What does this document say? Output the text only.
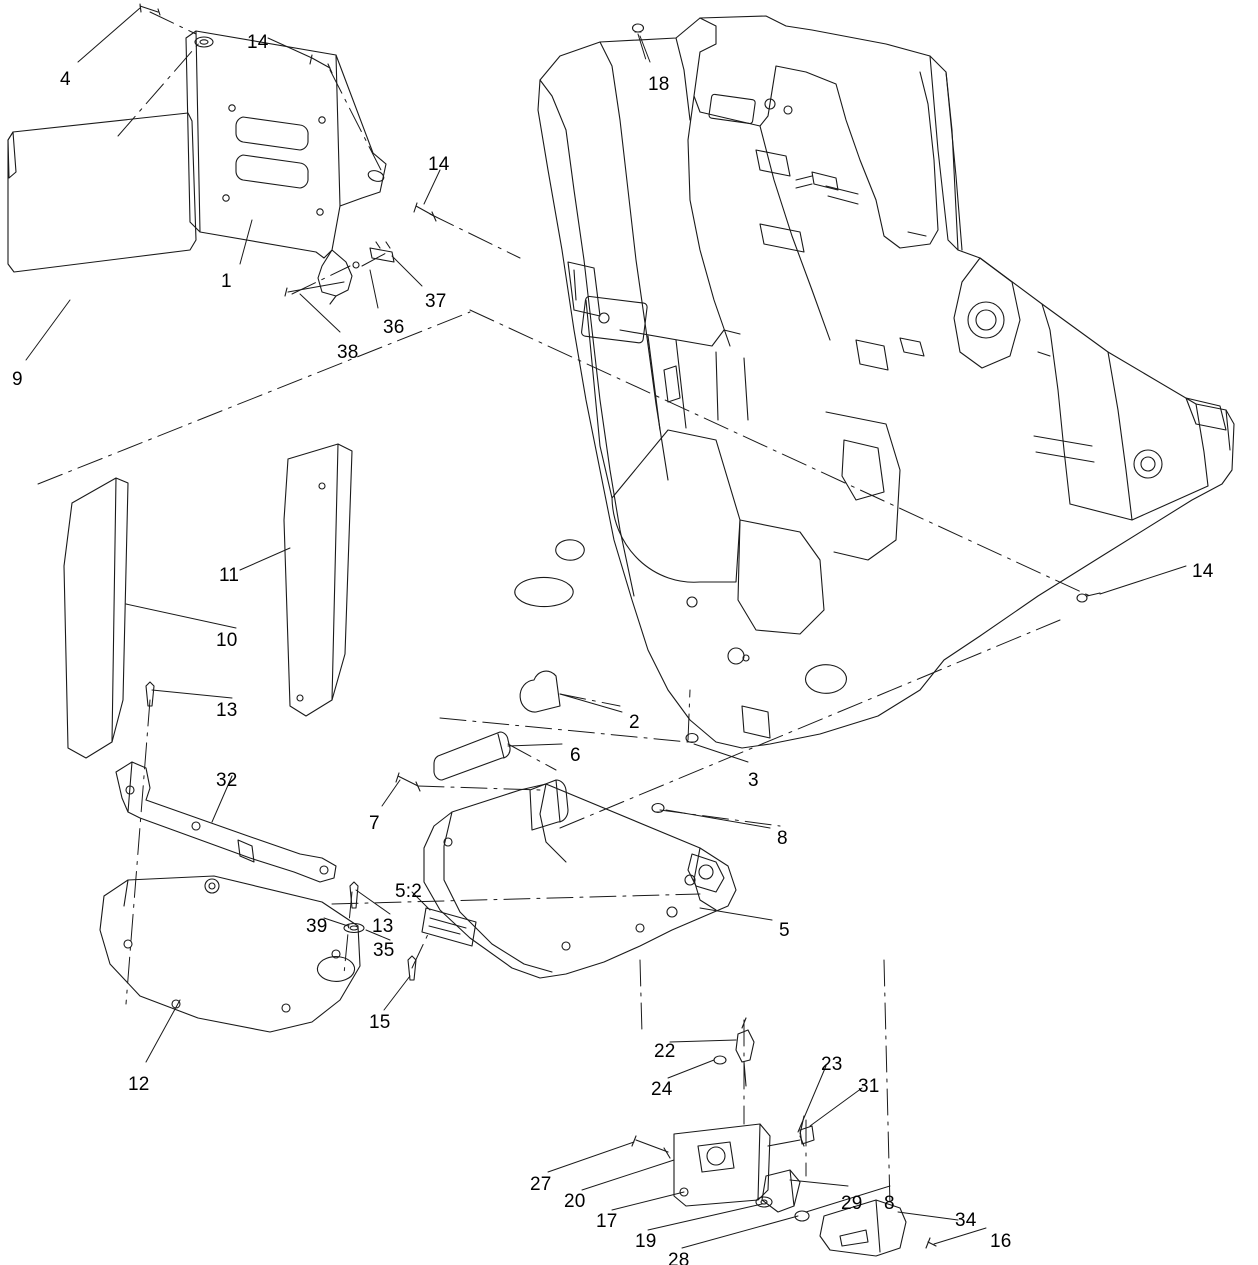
4
14
18
14
1
37
36
38
9
11	14
10
13
2
6
3
32
7
8
5:2
39 13	5
35
15
12
22
23
24	31
29 8
34
27
20
17
16
19
28
